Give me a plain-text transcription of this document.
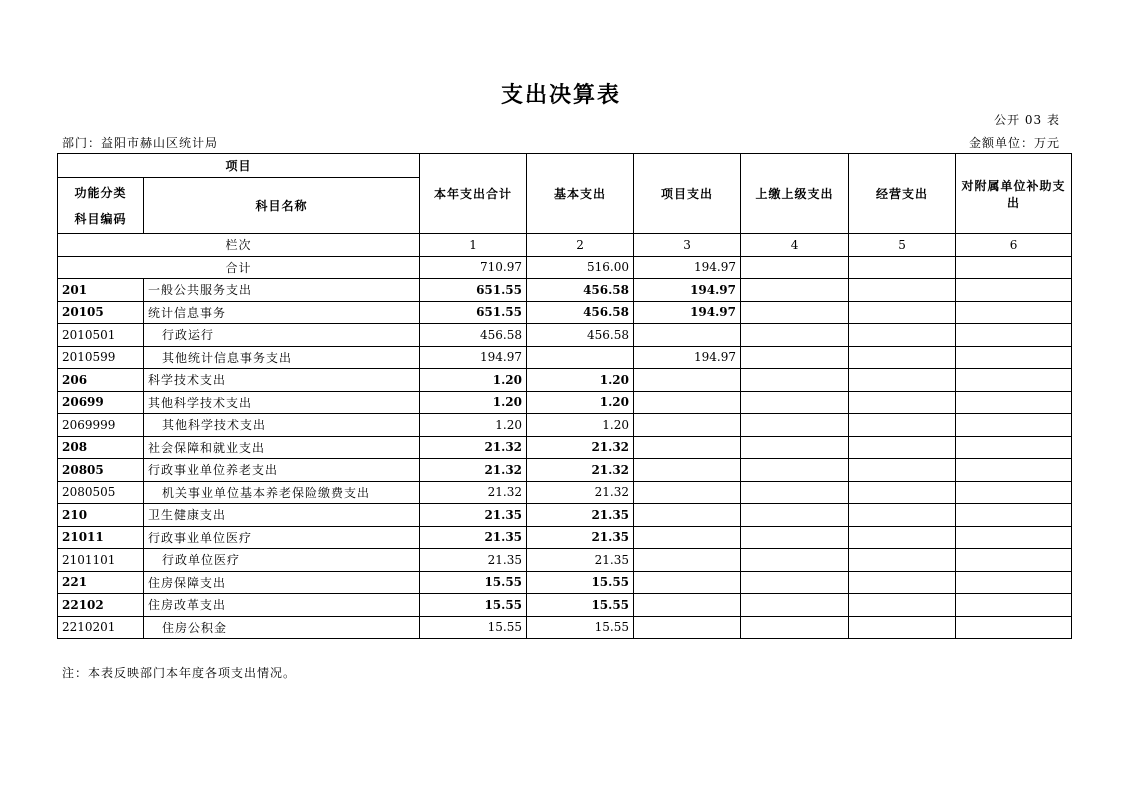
支出决算表
公开 03 表
部门：益阳市赫山区统计局	金额单位：万元
项目		本年支出合计	基本支出	项目支出	上缴上级支出	经营支出	对附属单位补助支出
功能分类
科目编码	科目名称						
栏次		1	2	3	4	5	6
合计		710.97	516.00	194.97			
201	一般公共服务支出	651.55	456.58	194.97			
20105	统计信息事务	651.55	456.58	194.97			
2010501	行政运行	456.58	456.58				
2010599	其他统计信息事务支出	194.97		194.97			
206	科学技术支出	1.20	1.20				
20699	其他科学技术支出	1.20	1.20				
2069999	其他科学技术支出	1.20	1.20				
208	社会保障和就业支出	21.32	21.32				
20805	行政事业单位养老支出	21.32	21.32				
2080505	机关事业单位基本养老保险缴费支出	21.32	21.32				
210	卫生健康支出	21.35	21.35				
21011	行政事业单位医疗	21.35	21.35				
2101101	行政单位医疗	21.35	21.35				
221	住房保障支出	15.55	15.55				
22102	住房改革支出	15.55	15.55				
2210201	住房公积金	15.55	15.55				
注：本表反映部门本年度各项支出情况。
